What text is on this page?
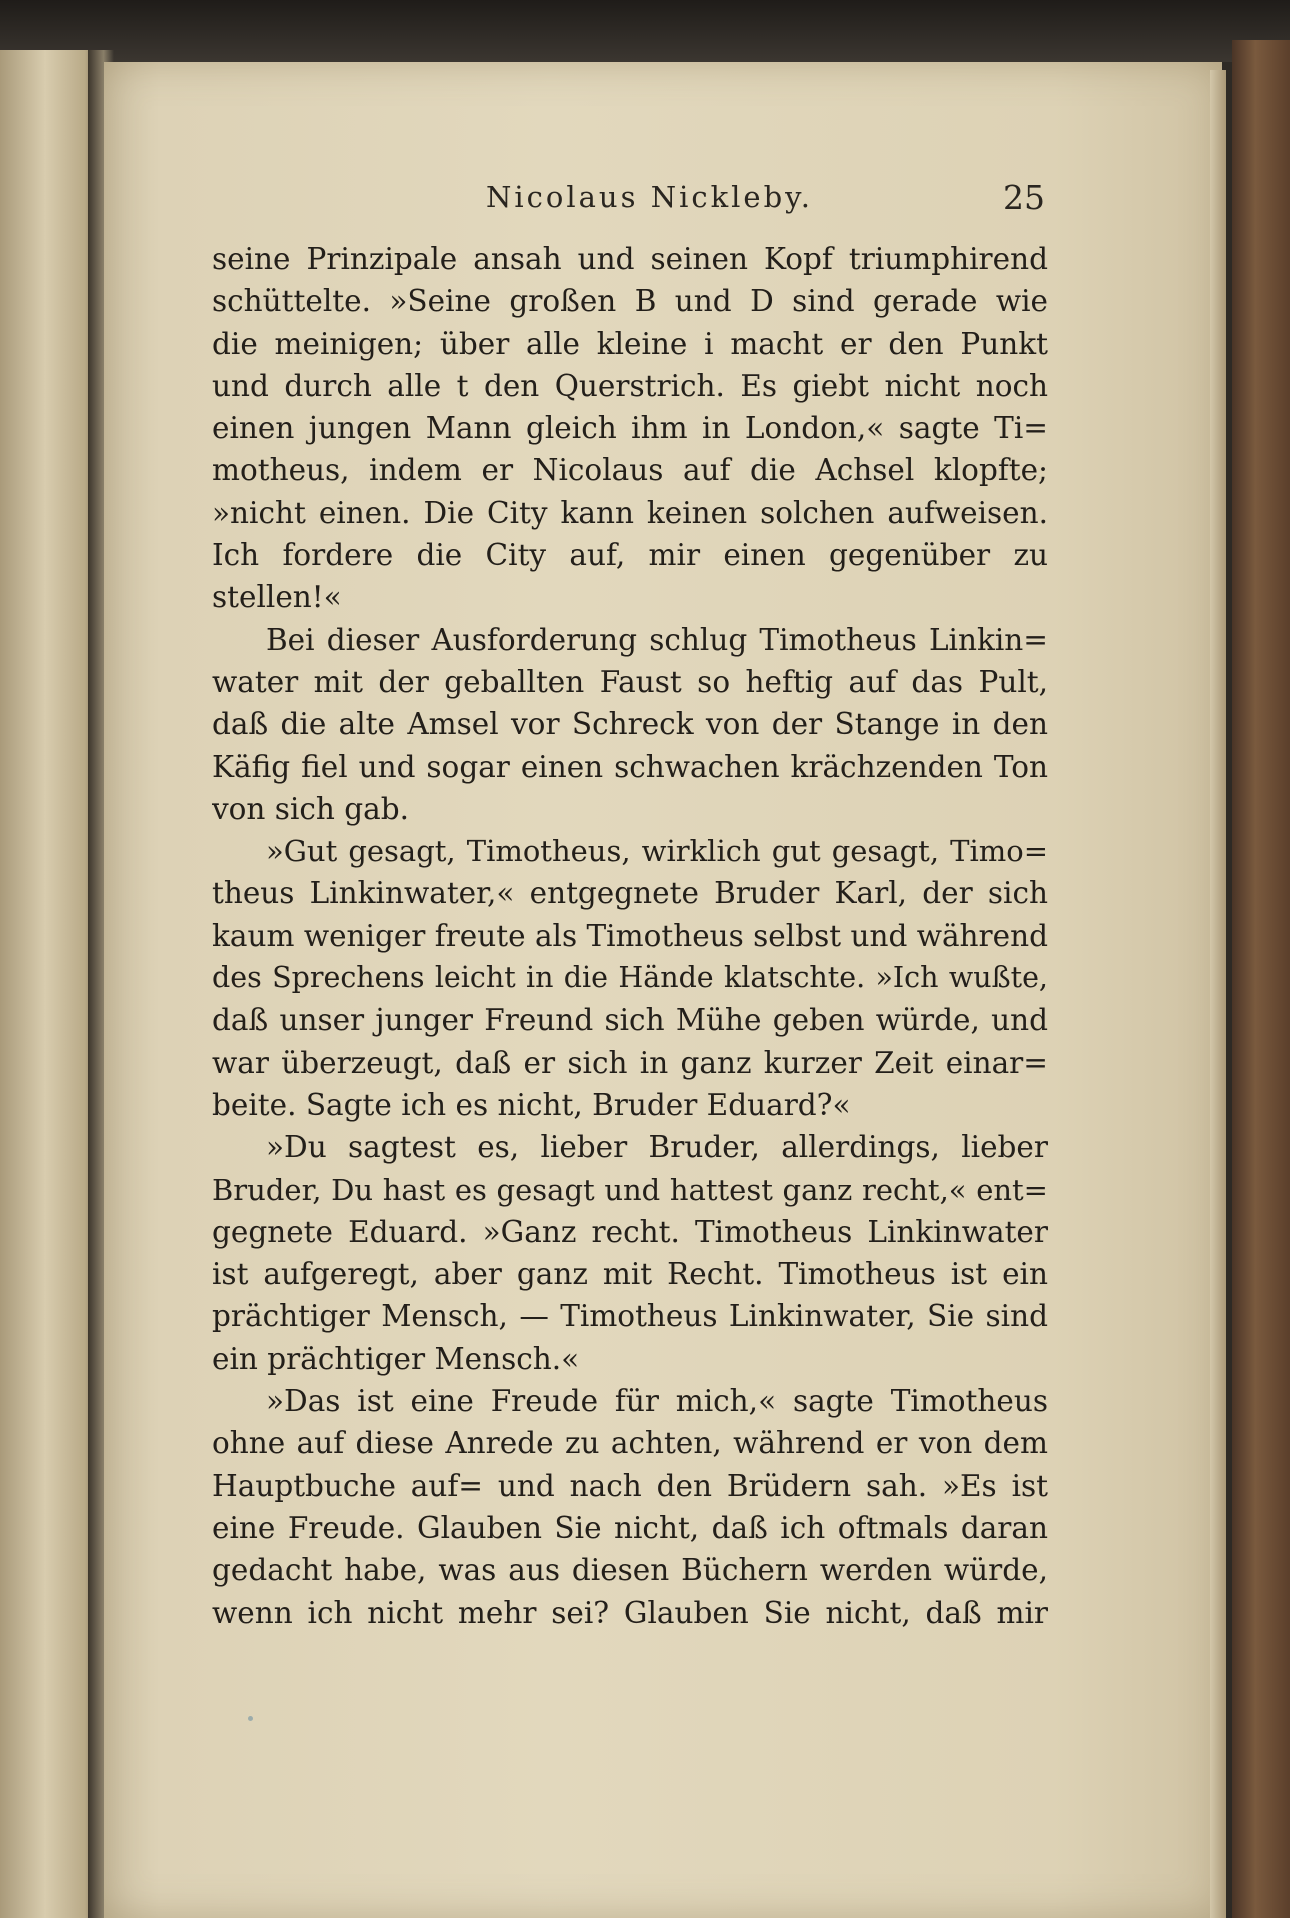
Nicolaus Nickleby.	25
seine Prinzipale ansah und seinen Kopf triumphirend
schüttelte. »Seine großen B und D sind gerade wie
die meinigen; über alle kleine i macht er den Punkt
und durch alle t den Querstrich. Es giebt nicht noch
einen jungen Mann gleich ihm in London,« sagte Ti=
motheus, indem er Nicolaus auf die Achsel klopfte;
»nicht einen. Die City kann keinen solchen aufweisen.
Ich fordere die City auf, mir einen gegenüber zu
stellen!«
Bei dieser Ausforderung schlug Timotheus Linkin=
water mit der geballten Faust so heftig auf das Pult,
daß die alte Amsel vor Schreck von der Stange in den
Käfig fiel und sogar einen schwachen krächzenden Ton
von sich gab.
»Gut gesagt, Timotheus, wirklich gut gesagt, Timo=
theus Linkinwater,« entgegnete Bruder Karl, der sich
kaum weniger freute als Timotheus selbst und während
des Sprechens leicht in die Hände klatschte. »Ich wußte,
daß unser junger Freund sich Mühe geben würde, und
war überzeugt, daß er sich in ganz kurzer Zeit einar=
beite. Sagte ich es nicht, Bruder Eduard?«
»Du sagtest es, lieber Bruder, allerdings, lieber
Bruder, Du hast es gesagt und hattest ganz recht,« ent=
gegnete Eduard. »Ganz recht. Timotheus Linkinwater
ist aufgeregt, aber ganz mit Recht. Timotheus ist ein
prächtiger Mensch, — Timotheus Linkinwater, Sie sind
ein prächtiger Mensch.«
»Das ist eine Freude für mich,« sagte Timotheus
ohne auf diese Anrede zu achten, während er von dem
Hauptbuche auf= und nach den Brüdern sah. »Es ist
eine Freude. Glauben Sie nicht, daß ich oftmals daran
gedacht habe, was aus diesen Büchern werden würde,
wenn ich nicht mehr sei? Glauben Sie nicht, daß mir
